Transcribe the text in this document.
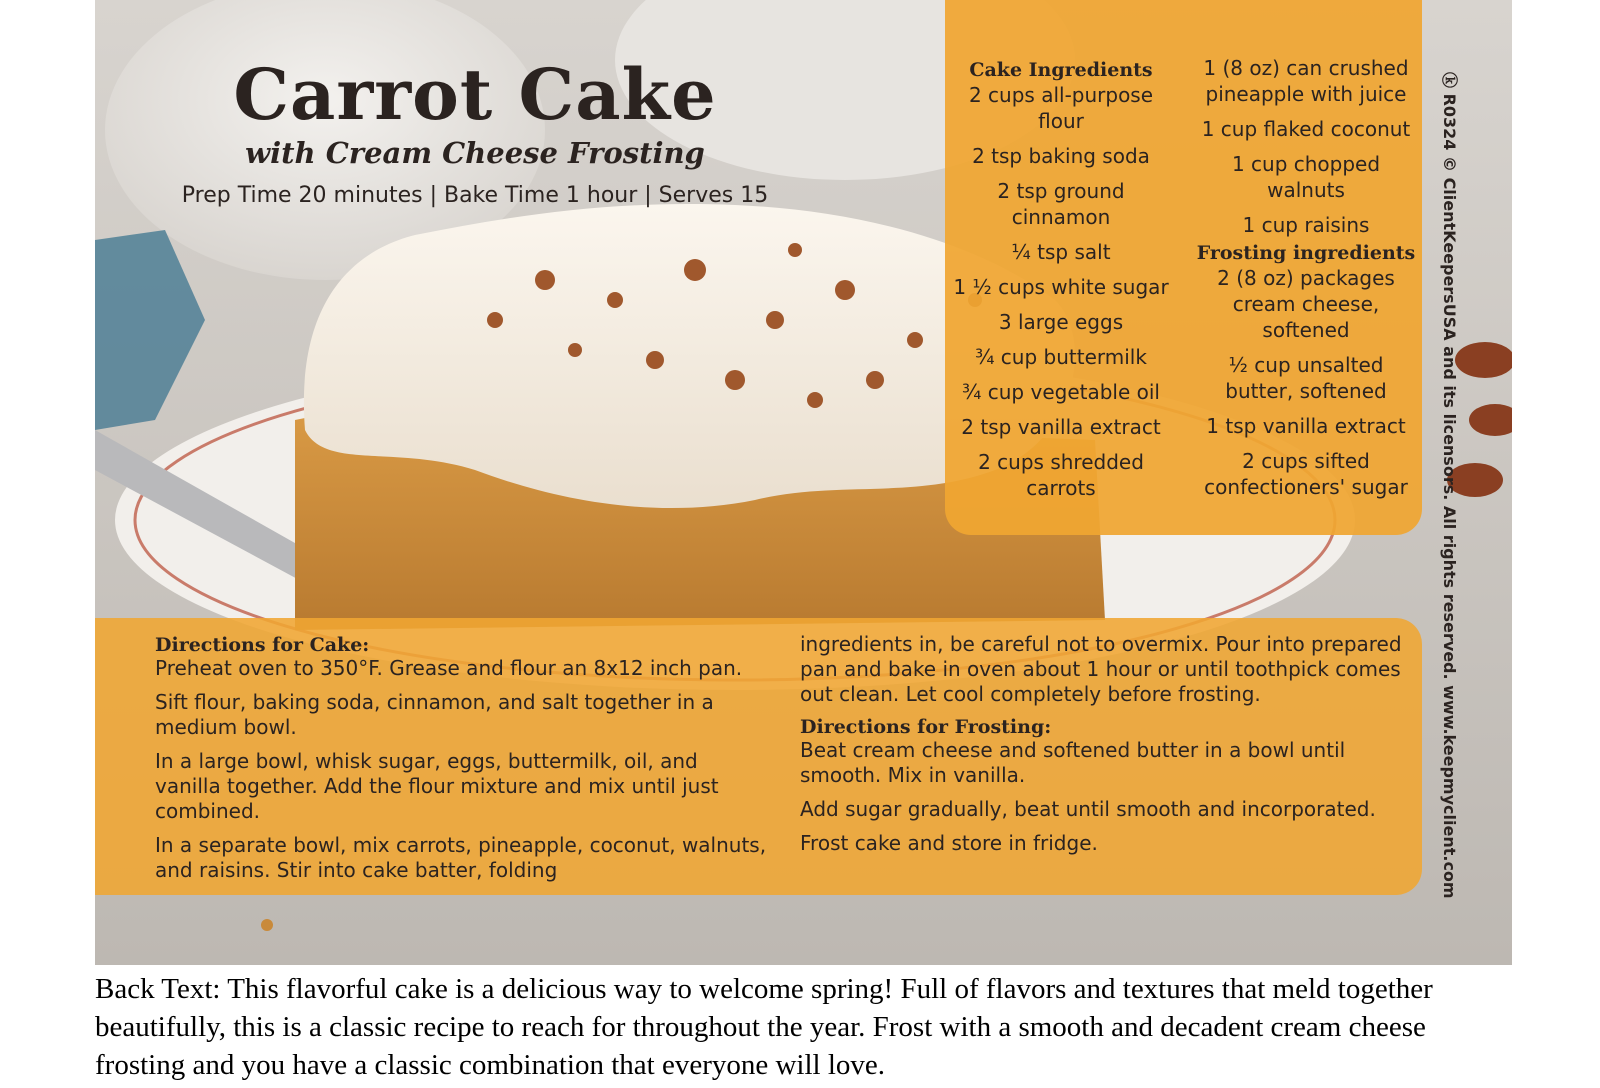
Carrot Cake
with Cream Cheese Frosting
Prep Time 20 minutes | Bake Time 1 hour | Serves 15
Cake Ingredients
2 cups all-purpose flour
2 tsp baking soda
2 tsp ground cinnamon
¼ tsp salt
1 ½ cups white sugar
3 large eggs
¾ cup buttermilk
¾ cup vegetable oil
2 tsp vanilla extract
2 cups shredded carrots
1 (8 oz) can crushed pineapple with juice
1 cup flaked coconut
1 cup chopped walnuts
1 cup raisins
Frosting ingredients
2 (8 oz) packages cream cheese, softened
½ cup unsalted butter, softened
1 tsp vanilla extract
2 cups sifted confectioners' sugar
Directions for Cake:

Preheat oven to 350°F. Grease and flour an 8x12 inch pan.

Sift flour, baking soda, cinnamon, and salt together in a medium bowl.

In a large bowl, whisk sugar, eggs, buttermilk, oil, and vanilla together. Add the flour mixture and mix until just combined.

In a separate bowl, mix carrots, pineapple, coconut, walnuts, and raisins. Stir into cake batter, folding

ingredients in, be careful not to overmix. Pour into prepared pan and bake in oven about 1 hour or until toothpick comes out clean. Let cool completely before frosting.

Directions for Frosting:

Beat cream cheese and softened butter in a bowl until smooth. Mix in vanilla.

Add sugar gradually, beat until smooth and incorporated.

Frost cake and store in fridge.	ⓚ R0324 © ClientKeepersUSA and its licensors. All rights reserved. www.keepmyclient.com
Back Text: This flavorful cake is a delicious way to welcome spring! Full of flavors and textures that meld together beautifully, this is a classic recipe to reach for throughout the year. Frost with a smooth and decadent cream cheese frosting and you have a classic combination that everyone will love.
